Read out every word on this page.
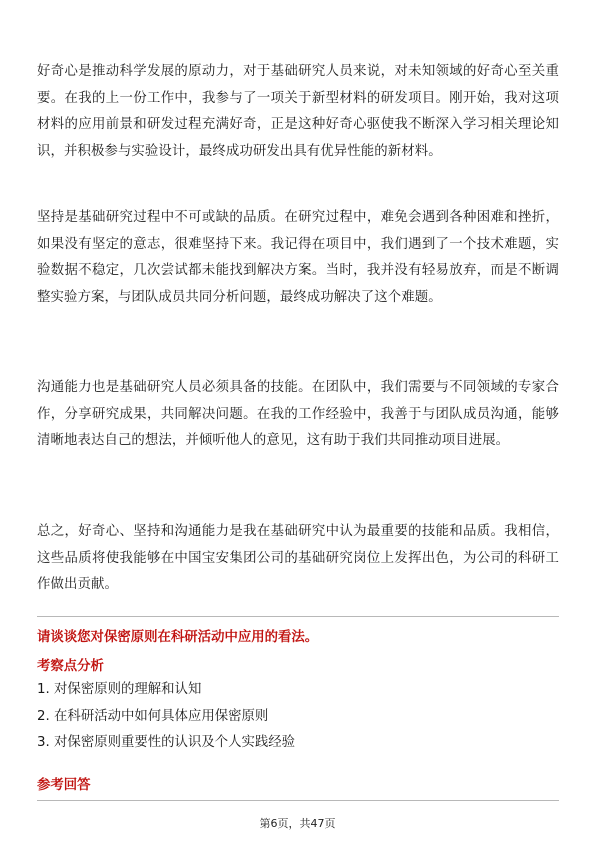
好奇心是推动科学发展的原动力，对于基础研究人员来说，对未知领域的好奇心至关重要。在我的上一份工作中，我参与了一项关于新型材料的研发项目。刚开始，我对这项材料的应用前景和研发过程充满好奇，正是这种好奇心驱使我不断深入学习相关理论知识，并积极参与实验设计，最终成功研发出具有优异性能的新材料。

坚持是基础研究过程中不可或缺的品质。在研究过程中，难免会遇到各种困难和挫折，如果没有坚定的意志，很难坚持下来。我记得在项目中，我们遇到了一个技术难题，实验数据不稳定，几次尝试都未能找到解决方案。当时，我并没有轻易放弃，而是不断调整实验方案，与团队成员共同分析问题，最终成功解决了这个难题。

沟通能力也是基础研究人员必须具备的技能。在团队中，我们需要与不同领域的专家合作，分享研究成果，共同解决问题。在我的工作经验中，我善于与团队成员沟通，能够清晰地表达自己的想法，并倾听他人的意见，这有助于我们共同推动项目进展。

总之，好奇心、坚持和沟通能力是我在基础研究中认为最重要的技能和品质。我相信，这些品质将使我能够在中国宝安集团公司的基础研究岗位上发挥出色，为公司的科研工作做出贡献。

请谈谈您对保密原则在科研活动中应用的看法。

考察点分析

1. 对保密原则的理解和认知
2. 在科研活动中如何具体应用保密原则
3. 对保密原则重要性的认识及个人实践经验

参考回答

第6页，共47页
